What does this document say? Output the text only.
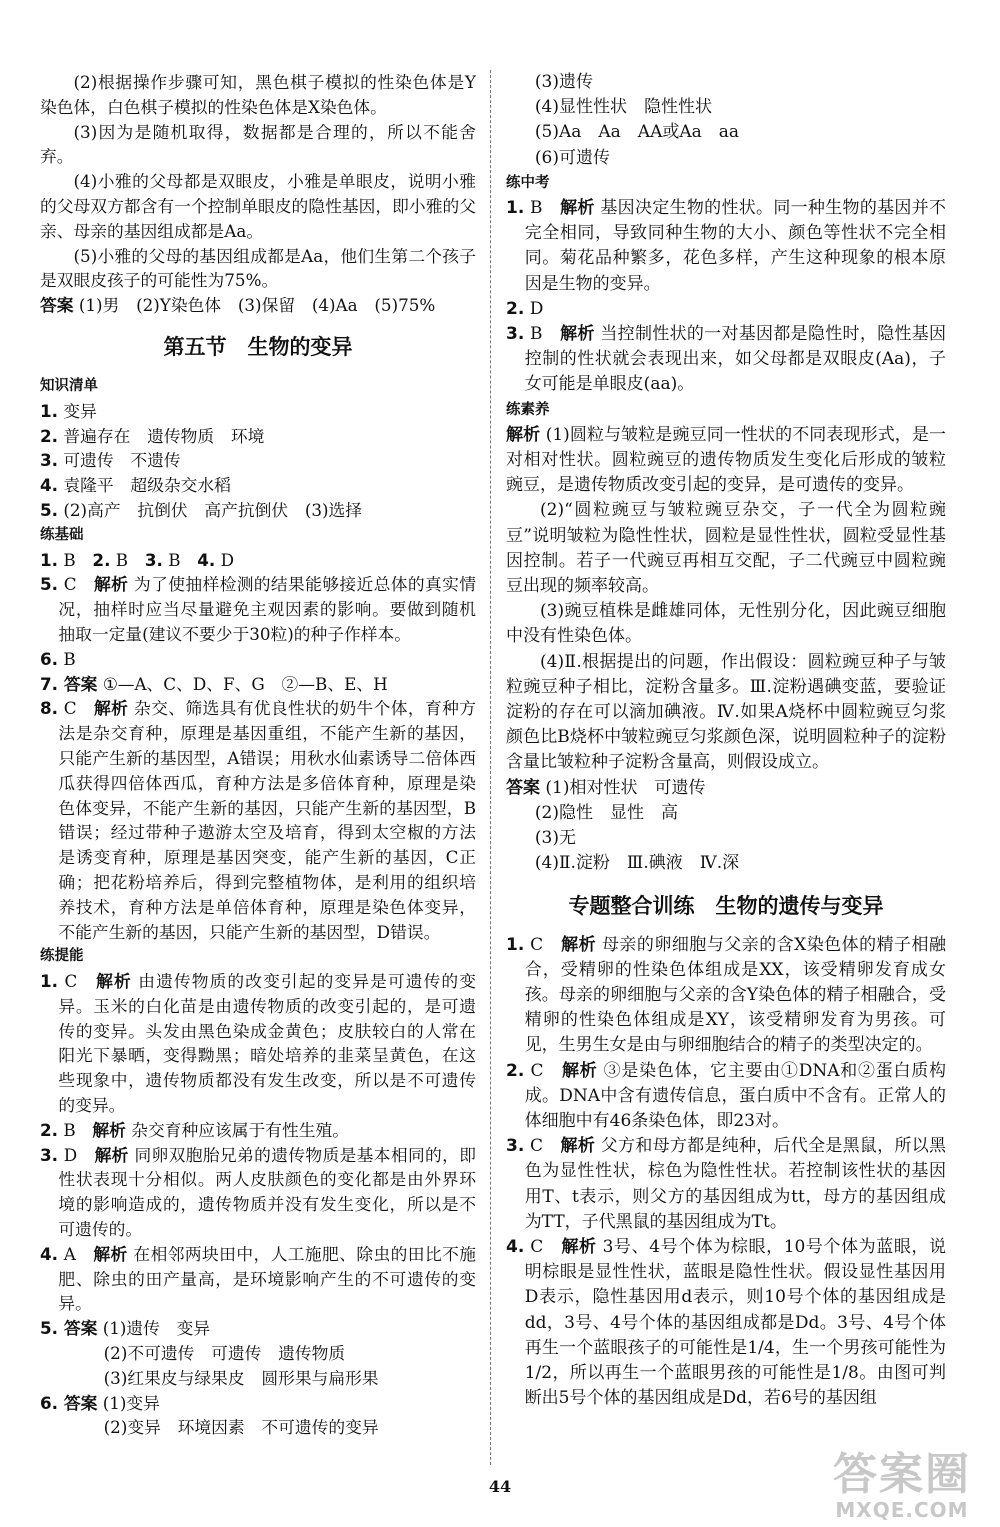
(2)根据操作步骤可知，黑色棋子模拟的性染色体是Y染色体，白色棋子模拟的性染色体是X染色体。

(3)因为是随机取得，数据都是合理的，所以不能舍弃。

(4)小雅的父母都是双眼皮，小雅是单眼皮，说明小雅的父母双方都含有一个控制单眼皮的隐性基因，即小雅的父亲、母亲的基因组成都是Aa。

(5)小雅的父母的基因组成都是Aa，他们生第二个孩子是双眼皮孩子的可能性为75%。

答案 (1)男　(2)Y染色体　(3)保留　(4)Aa　(5)75%

第五节　生物的变异

知识清单

1. 变异

2. 普遍存在　遗传物质　环境

3. 可遗传　不遗传

4. 袁隆平　超级杂交水稻

5. (2)高产　抗倒伏　高产抗倒伏　(3)选择

练基础

1. B　2. B　3. B　4. D

5. C　解析 为了使抽样检测的结果能够接近总体的真实情况，抽样时应当尽量避免主观因素的影响。要做到随机抽取一定量(建议不要少于30粒)的种子作样本。

6. B

7. 答案 ①—A、C、D、F、G　②—B、E、H

8. C　解析 杂交、筛选具有优良性状的奶牛个体，育种方法是杂交育种，原理是基因重组，不能产生新的基因，只能产生新的基因型，A错误；用秋水仙素诱导二倍体西瓜获得四倍体西瓜，育种方法是多倍体育种，原理是染色体变异，不能产生新的基因，只能产生新的基因型，B错误；经过带种子遨游太空及培育，得到太空椒的方法是诱变育种，原理是基因突变，能产生新的基因，C正确；把花粉培养后，得到完整植物体，是利用的组织培养技术，育种方法是单倍体育种，原理是染色体变异，不能产生新的基因，只能产生新的基因型，D错误。

练提能

1. C　解析 由遗传物质的改变引起的变异是可遗传的变异。玉米的白化苗是由遗传物质的改变引起的，是可遗传的变异。头发由黑色染成金黄色；皮肤较白的人常在阳光下暴晒，变得黝黑；暗处培养的韭菜呈黄色，在这些现象中，遗传物质都没有发生改变，所以是不可遗传的变异。

2. B　解析 杂交育种应该属于有性生殖。

3. D　解析 同卵双胞胎兄弟的遗传物质是基本相同的，即性状表现十分相似。两人皮肤颜色的变化都是由外界环境的影响造成的，遗传物质并没有发生变化，所以是不可遗传的。

4. A　解析 在相邻两块田中，人工施肥、除虫的田比不施肥、除虫的田产量高，是环境影响产生的不可遗传的变异。

5. 答案 (1)遗传　变异

(2)不可遗传　可遗传　遗传物质

(3)红果皮与绿果皮　圆形果与扁形果

6. 答案 (1)变异

(2)变异　环境因素　不可遗传的变异

(3)遗传

(4)显性性状　隐性性状

(5)Aa　Aa　AA或Aa　aa

(6)可遗传

练中考

1. B　解析 基因决定生物的性状。同一种生物的基因并不完全相同，导致同种生物的大小、颜色等性状不完全相同。菊花品种繁多，花色多样，产生这种现象的根本原因是生物的变异。

2. D

3. B　解析 当控制性状的一对基因都是隐性时，隐性基因控制的性状就会表现出来，如父母都是双眼皮(Aa)，子女可能是单眼皮(aa)。

练素养

解析 (1)圆粒与皱粒是豌豆同一性状的不同表现形式，是一对相对性状。圆粒豌豆的遗传物质发生变化后形成的皱粒豌豆，是遗传物质改变引起的变异，是可遗传的变异。

(2)“圆粒豌豆与皱粒豌豆杂交，子一代全为圆粒豌豆”说明皱粒为隐性性状，圆粒是显性性状，圆粒受显性基因控制。若子一代豌豆再相互交配，子二代豌豆中圆粒豌豆出现的频率较高。

(3)豌豆植株是雌雄同体，无性别分化，因此豌豆细胞中没有性染色体。

(4)Ⅱ.根据提出的问题，作出假设：圆粒豌豆种子与皱粒豌豆种子相比，淀粉含量多。Ⅲ.淀粉遇碘变蓝，要验证淀粉的存在可以滴加碘液。Ⅳ.如果A烧杯中圆粒豌豆匀浆颜色比B烧杯中皱粒豌豆匀浆颜色深，说明圆粒种子的淀粉含量比皱粒种子淀粉含量高，则假设成立。

答案 (1)相对性状　可遗传

(2)隐性　显性　高

(3)无

(4)Ⅱ.淀粉　Ⅲ.碘液　Ⅳ.深

专题整合训练　生物的遗传与变异

1. C　解析 母亲的卵细胞与父亲的含X染色体的精子相融合，受精卵的性染色体组成是XX，该受精卵发育成女孩。母亲的卵细胞与父亲的含Y染色体的精子相融合，受精卵的性染色体组成是XY，该受精卵发育为男孩。可见，生男生女是由与卵细胞结合的精子的类型决定的。

2. C　解析 ③是染色体，它主要由①DNA和②蛋白质构成。DNA中含有遗传信息，蛋白质中不含有。正常人的体细胞中有46条染色体，即23对。

3. C　解析 父方和母方都是纯种，后代全是黑鼠，所以黑色为显性性状，棕色为隐性性状。若控制该性状的基因用T、t表示，则父方的基因组成为tt，母方的基因组成为TT，子代黑鼠的基因组成为Tt。

4. C　解析 3号、4号个体为棕眼，10号个体为蓝眼，说明棕眼是显性性状，蓝眼是隐性性状。假设显性基因用D表示，隐性基因用d表示，则10号个体的基因组成是dd，3号、4号个体的基因组成都是Dd。3号、4号个体再生一个蓝眼孩子的可能性是1/4，生一个男孩可能性为1/2，所以再生一个蓝眼男孩的可能性是1/8。由图可判断出5号个体的基因组成是Dd，若6号的基因组

44	答案圈
MXQE.COM
